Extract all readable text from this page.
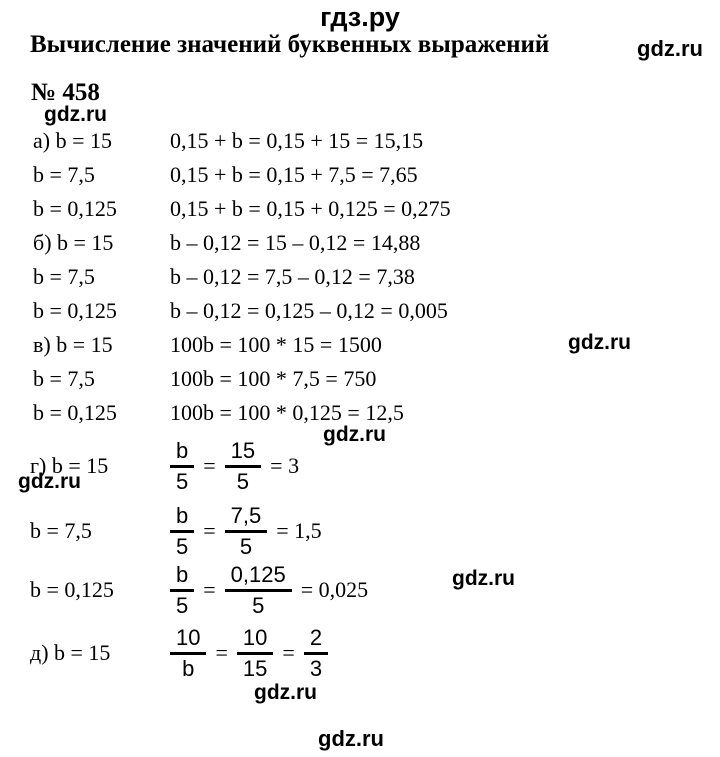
гдз.ру
Вычисление значений буквенных выражений	gdz.ru
№ 458
gdz.ru
а) b = 15	0,15 + b = 0,15 + 15 = 15,15
b = 7,5	0,15 + b = 0,15 + 7,5 = 7,65
b = 0,125	0,15 + b = 0,15 + 0,125 = 0,275
б) b = 15	b – 0,12 = 15 – 0,12 = 14,88
b = 7,5	b – 0,12 = 7,5 – 0,12 = 7,38
b = 0,125	b – 0,12 = 0,125 – 0,12 = 0,005
в) b = 15	100b = 100 * 15 = 1500
b = 7,5	100b = 100 * 7,5 = 750
b = 0,125	100b = 100 * 0,125 = 12,5
gdz.ru
gdz.ru
г) b = 15	$\frac{b}{5} = \frac{15}{5} = 3$
gdz.ru
b = 7,5	$\frac{b}{5} = \frac{7,5}{5} = 1,5$
b = 0,125	$\frac{b}{5} = \frac{0,125}{5} = 0,025$	gdz.ru
д) b = 15	$\frac{10}{b} = \frac{10}{15} = \frac{2}{3}$
gdz.ru
gdz.ru
